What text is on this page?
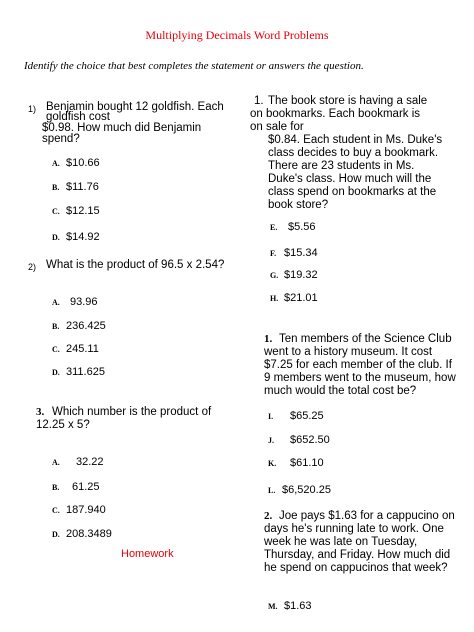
Multiplying Decimals Word Problems
Identify the choice that best completes the statement or answers the question.
1) Benjamin bought 12 goldfish. Each
goldfish cost
$0.98. How much did Benjamin
spend?
A. $10.66
B. $11.76
C. $12.15
D. $14.92
2) What is the product of 96.5 x 2.54?
A. 93.96
B. 236.425
C. 245.11
D. 311.625
3. Which number is the product of
12.25 x 5?
A. 32.22
B. 61.25
C. 187.940
D. 208.3489
Homework
1. The book store is having a sale
on bookmarks. Each bookmark is
on sale for
$0.84. Each student in Ms. Duke's
class decides to buy a bookmark.
There are 23 students in Ms.
Duke's class. How much will the
class spend on bookmarks at the
book store?
E. $5.56
F. $15.34
G. $19.32
H. $21.01
1. Ten members of the Science Club
went to a history museum. It cost
$7.25 for each member of the club. If
9 members went to the museum, how
much would the total cost be?
I. $65.25
J. $652.50
K. $61.10
L. $6,520.25
2. Joe pays $1.63 for a cappucino on
days he's running late to work. One
week he was late on Tuesday,
Thursday, and Friday. How much did
he spend on cappucinos that week?
M. $1.63
